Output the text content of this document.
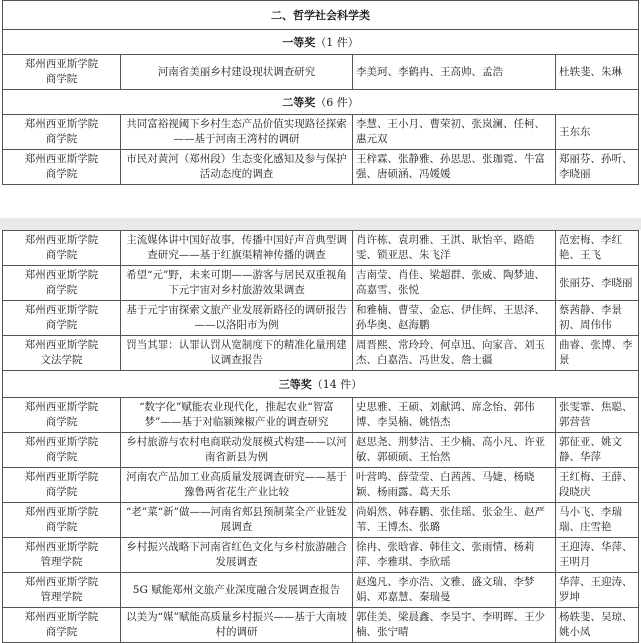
二、哲学社会科学类			
一等奖（1 件）			
郑州西亚斯学院
商学院	河南省美丽乡村建设现状调查研究	李美珂、李鹤冉、王高帅、孟浩	杜轶斐、朱琳
二等奖（6 件）			
郑州西亚斯学院
商学院	共同富裕视阈下乡村生态产品价值实现路径探索 ——基于河南王湾村的调研	李慧、王小月、曹荣初、张岚澜、任柯、惠元双	王东东
郑州西亚斯学院
商学院	市民对黄河（郑州段）生态变化感知及参与保护活动态度的调查	王梓霖、张静雅、孙思思、张珈霓、牛富强、唐硕涵、冯媛媛	郑丽芬、孙听、李晓丽
郑州西亚斯学院
商学院	主流媒体讲中国好故事，传播中国好声音典型调查研究——基于红旗渠精神传播的调查	肖许栋、袁玥雅、王淇、耿怡辛、路皓雯、锁亚思、朱飞洋	范宏梅、李红艳、王飞
郑州西亚斯学院
商学院	希望“元”野，未来可期——游客与居民双重视角下元宇宙对乡村旅游效果调查	吉南莹、肖佳、梁超群、张威、陶梦迪、高嘉雪、张悦	张丽芬、李晓丽
郑州西亚斯学院
商学院	基于元宇宙探索文旅产业发展新路径的调研报告 ——以洛阳市为例	和雅楠、曹莹、金忘、伊佳辉、王思泽、孙华奥、赵海鹏	蔡茜静、李景初、周伟伟
郑州西亚斯学院
文法学院	罚当其罪：认罪认罚从宽制度下的精准化量刑建议调查报告	周晋熙、常玲玲、何卓迅、向家音、刘玉杰、白嘉浩、冯世发、詹士疆	曲睿、张博、李景
三等奖（14 件）			
郑州西亚斯学院
商学院	“数字化”赋能农业现代化，推起农业“智富梦”——基于对临颍辣椒产业的调查研究	史思雅、王硕、刘献鸿、席念怡、郭伟博、李昊楠、姚悟杰	张雯霏、焦聪、郭营营
郑州西亚斯学院
商学院	乡村旅游与农村电商联动发展模式构建——以河南省新县为例	赵思尧、荆梦洁、王少楠、高小凡、许亚敏、郭硕硕、王怡然	郭征亚、姚文静、华萍
郑州西亚斯学院
商学院	河南农产品加工业高质量发展调查研究——基于豫鲁两省花生产业比较	叶营鸣、薛莹莹、白茜茜、马婕、杨晓颖、杨雨露、葛天乐	王红梅、王薛、段晓庆
郑州西亚斯学院
商学院	“老”菜“新”做——河南省郏县预制菜全产业链发展调查	尚娟然、韩春鹏、张佳瑶、张金生、赵严苇、王博杰、张璐	马小飞、李瑞瑞、庄雪艳
郑州西亚斯学院
管理学院	乡村振兴战略下河南省红色文化与乡村旅游融合发展调查	徐冉、张晗睿、韩佳文、张雨情、杨莉萍、李雅琪、李欣瑶	王迎涛、华萍、王明月
郑州西亚斯学院
管理学院	5G 赋能郑州文旅产业深度融合发展调查报告	赵逸凡、李亦浩、文雅、盛文瑞、李梦娟、邓嘉慧、秦瑞曼	华萍、王迎涛、罗坤
郑州西亚斯学院
商学院	以美为“媒”赋能高质量乡村振兴——基于大南坡 村的调研	郭佳美、梁晨鑫、李昊宇、李明晖、王少楠、张宁晴	杨轶斐、吴琼、姚小凤
